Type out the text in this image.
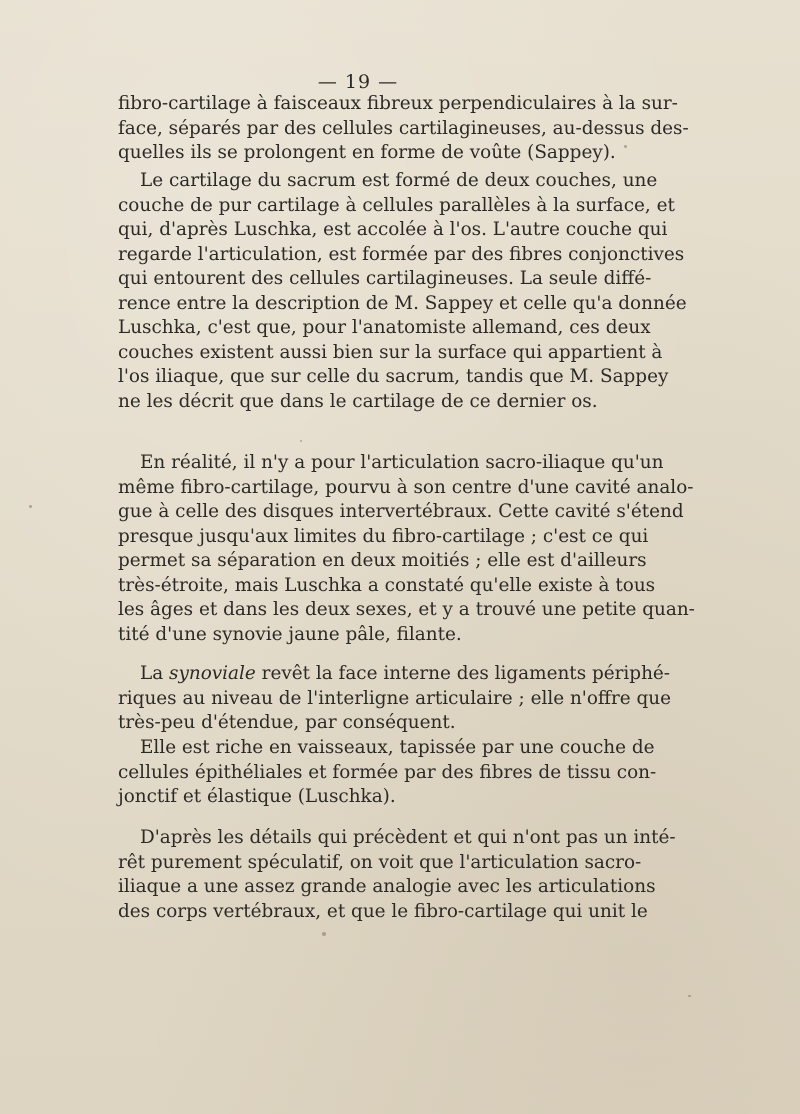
— 19 —
fibro-cartilage à faisceaux fibreux perpendiculaires à la sur-
face, séparés par des cellules cartilagineuses, au-dessus des-
quelles ils se prolongent en forme de voûte (Sappey).
Le cartilage du sacrum est formé de deux couches, une
couche de pur cartilage à cellules parallèles à la surface, et
qui, d'après Luschka, est accolée à l'os. L'autre couche qui
regarde l'articulation, est formée par des fibres conjonctives
qui entourent des cellules cartilagineuses. La seule diffé-
rence entre la description de M. Sappey et celle qu'a donnée
Luschka, c'est que, pour l'anatomiste allemand, ces deux
couches existent aussi bien sur la surface qui appartient à
l'os iliaque, que sur celle du sacrum, tandis que M. Sappey
ne les décrit que dans le cartilage de ce dernier os.
En réalité, il n'y a pour l'articulation sacro-iliaque qu'un
même fibro-cartilage, pourvu à son centre d'une cavité analo-
gue à celle des disques intervertébraux. Cette cavité s'étend
presque jusqu'aux limites du fibro-cartilage ; c'est ce qui
permet sa séparation en deux moitiés ; elle est d'ailleurs
très-étroite, mais Luschka a constaté qu'elle existe à tous
les âges et dans les deux sexes, et y a trouvé une petite quan-
tité d'une synovie jaune pâle, filante.
La synoviale revêt la face interne des ligaments périphé-
riques au niveau de l'interligne articulaire ; elle n'offre que
très-peu d'étendue, par conséquent.
Elle est riche en vaisseaux, tapissée par une couche de
cellules épithéliales et formée par des fibres de tissu con-
jonctif et élastique (Luschka).
D'après les détails qui précèdent et qui n'ont pas un inté-
rêt purement spéculatif, on voit que l'articulation sacro-
iliaque a une assez grande analogie avec les articulations
des corps vertébraux, et que le fibro-cartilage qui unit le
